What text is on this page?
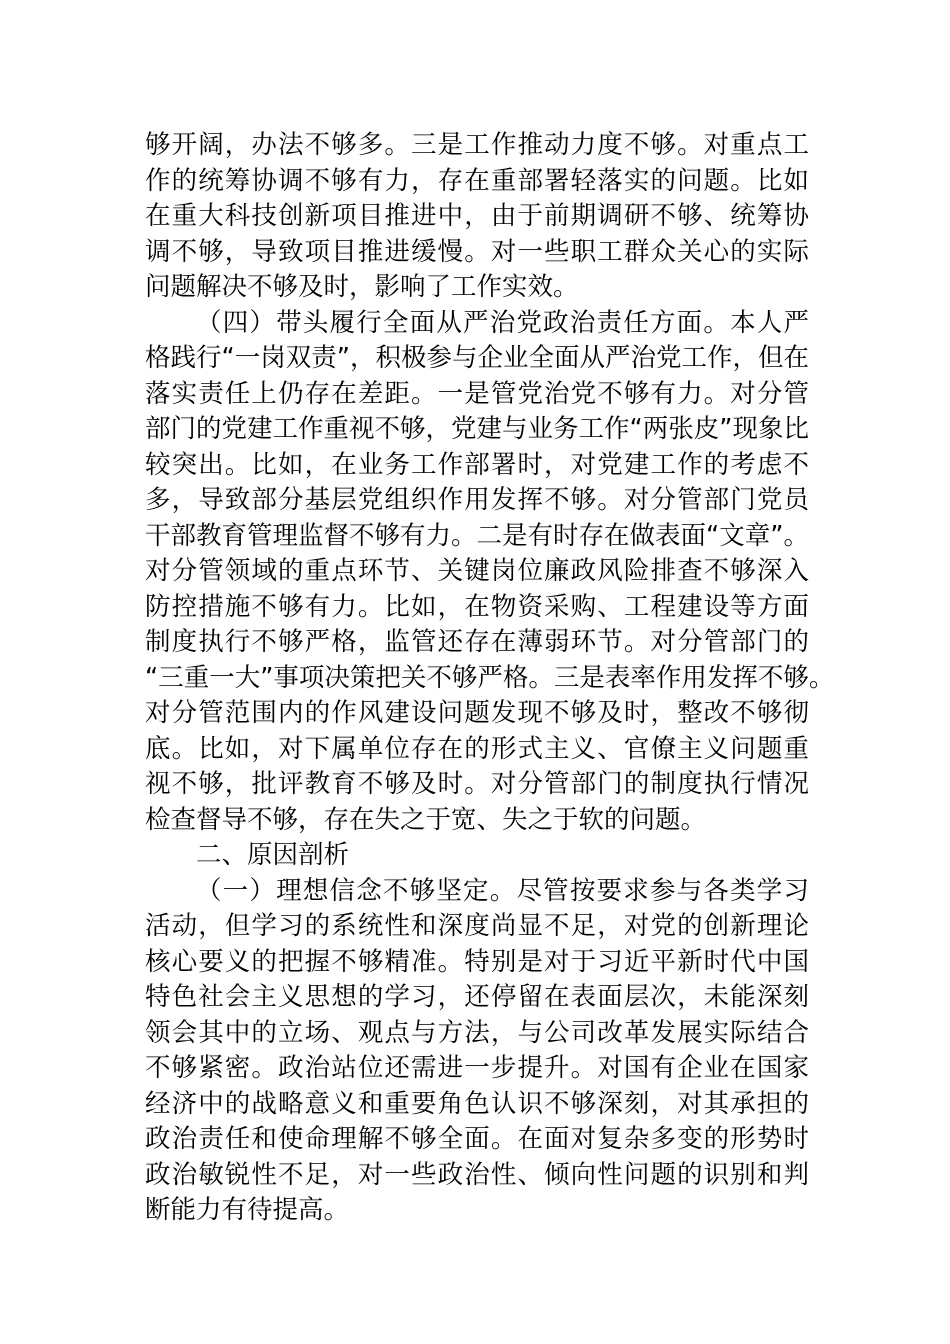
够开阔，办法不够多。三是工作推动力度不够。对重点工
作的统筹协调不够有力，存在重部署轻落实的问题。比如
在重大科技创新项目推进中，由于前期调研不够、统筹协
调不够，导致项目推进缓慢。对一些职工群众关心的实际
问题解决不够及时，影响了工作实效。
（四）带头履行全面从严治党政治责任方面。本人严
格践行“一岗双责”，积极参与企业全面从严治党工作，但在
落实责任上仍存在差距。一是管党治党不够有力。对分管
部门的党建工作重视不够，党建与业务工作“两张皮”现象比
较突出。比如，在业务工作部署时，对党建工作的考虑不
多，导致部分基层党组织作用发挥不够。对分管部门党员
干部教育管理监督不够有力。二是有时存在做表面“文章”。
对分管领域的重点环节、关键岗位廉政风险排查不够深入
防控措施不够有力。比如，在物资采购、工程建设等方面
制度执行不够严格，监管还存在薄弱环节。对分管部门的
“三重一大”事项决策把关不够严格。三是表率作用发挥不够。
对分管范围内的作风建设问题发现不够及时，整改不够彻
底。比如，对下属单位存在的形式主义、官僚主义问题重
视不够，批评教育不够及时。对分管部门的制度执行情况
检查督导不够，存在失之于宽、失之于软的问题。
二、原因剖析
（一）理想信念不够坚定。尽管按要求参与各类学习
活动，但学习的系统性和深度尚显不足，对党的创新理论
核心要义的把握不够精准。特别是对于习近平新时代中国
特色社会主义思想的学习，还停留在表面层次，未能深刻
领会其中的立场、观点与方法，与公司改革发展实际结合
不够紧密。政治站位还需进一步提升。对国有企业在国家
经济中的战略意义和重要角色认识不够深刻，对其承担的
政治责任和使命理解不够全面。在面对复杂多变的形势时
政治敏锐性不足，对一些政治性、倾向性问题的识别和判
断能力有待提高。
